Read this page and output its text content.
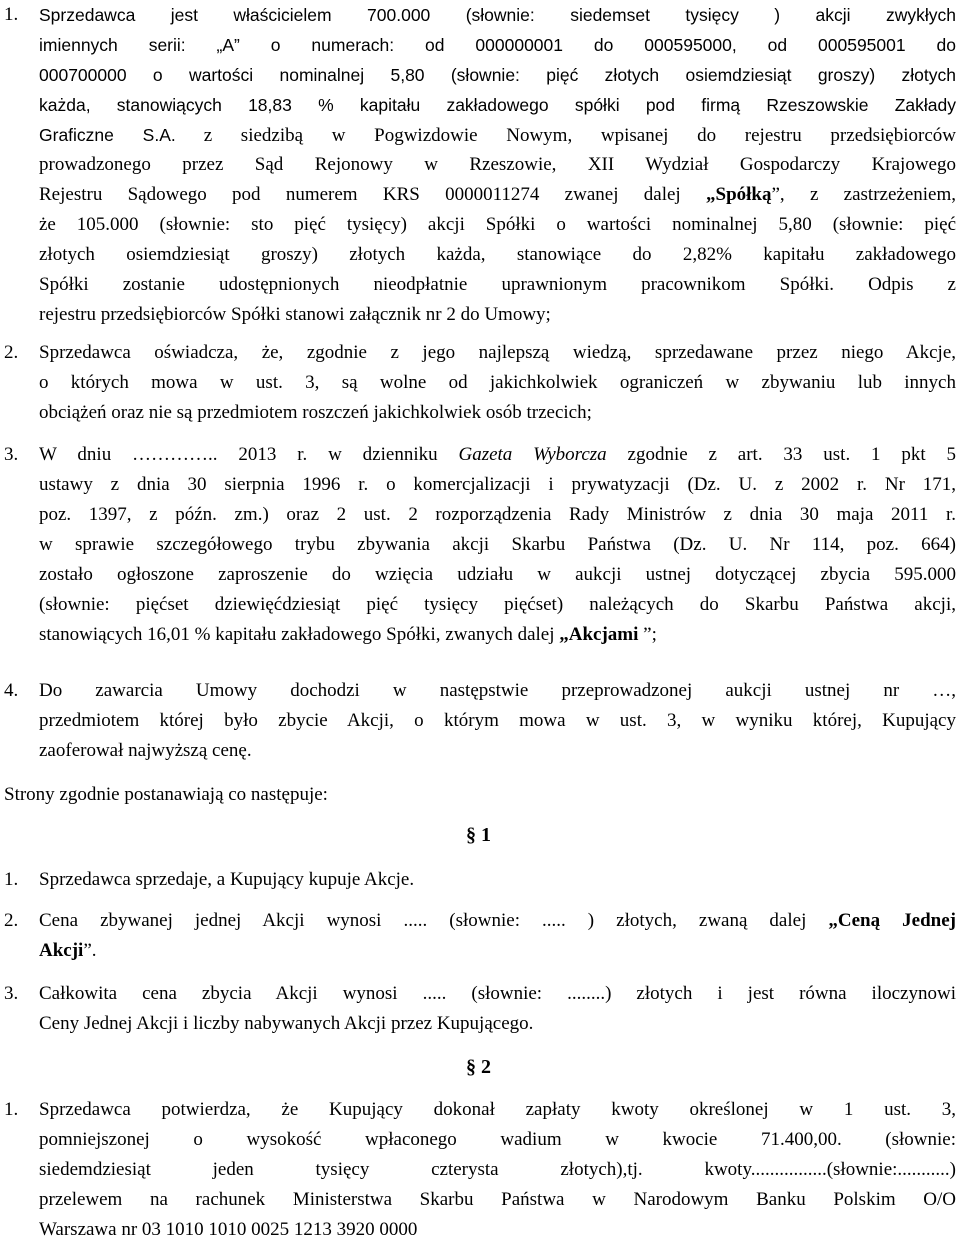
1. Sprzedawca jest właścicielem 700.000 (słownie: siedemset tysięcy ) akcji zwykłych
imiennych serii: „A” o numerach: od 000000001 do 000595000, od 000595001 do
000700000 o wartości nominalnej 5,80 (słownie: pięć złotych osiemdziesiąt groszy) złotych
każda, stanowiących 18,83 % kapitału zakładowego spółki pod firmą Rzeszowskie Zakłady
Graficzne S.A. z siedzibą w Pogwizdowie Nowym, wpisanej do rejestru przedsiębiorców
prowadzonego przez Sąd Rejonowy w Rzeszowie, XII Wydział Gospodarczy Krajowego
Rejestru Sądowego pod numerem KRS 0000011274 zwanej dalej „Spółką”, z zastrzeżeniem,
że 105.000 (słownie: sto pięć tysięcy) akcji Spółki o wartości nominalnej 5,80 (słownie: pięć
złotych osiemdziesiąt groszy) złotych każda, stanowiące do 2,82% kapitału zakładowego
Spółki zostanie udostępnionych nieodpłatnie uprawnionym pracownikom Spółki. Odpis z
rejestru przedsiębiorców Spółki stanowi załącznik nr 2 do Umowy;
2. Sprzedawca oświadcza, że, zgodnie z jego najlepszą wiedzą, sprzedawane przez niego Akcje,
o których mowa w ust. 3, są wolne od jakichkolwiek ograniczeń w zbywaniu lub innych
obciążeń oraz nie są przedmiotem roszczeń jakichkolwiek osób trzecich;
3. W dniu ………….. 2013 r. w dzienniku Gazeta Wyborcza zgodnie z art. 33 ust. 1 pkt 5
ustawy z dnia 30 sierpnia 1996 r. o komercjalizacji i prywatyzacji (Dz. U. z 2002 r. Nr 171,
poz. 1397, z późn. zm.) oraz 2 ust. 2 rozporządzenia Rady Ministrów z dnia 30 maja 2011 r.
w sprawie szczegółowego trybu zbywania akcji Skarbu Państwa (Dz. U. Nr 114, poz. 664)
zostało ogłoszone zaproszenie do wzięcia udziału w aukcji ustnej dotyczącej zbycia 595.000
(słownie: pięćset dziewięćdziesiąt pięć tysięcy pięćset) należących do Skarbu Państwa akcji,
stanowiących 16,01 % kapitału zakładowego Spółki, zwanych dalej „Akcjami ”;
4. Do zawarcia Umowy dochodzi w następstwie przeprowadzonej aukcji ustnej nr …,
przedmiotem której było zbycie Akcji, o którym mowa w ust. 3, w wyniku której, Kupujący
zaoferował najwyższą cenę.
Strony zgodnie postanawiają co następuje:
§ 1
1. Sprzedawca sprzedaje, a Kupujący kupuje Akcje.
2. Cena zbywanej jednej Akcji wynosi ..... (słownie: ..... ) złotych, zwaną dalej „Ceną Jednej
Akcji”.
3. Całkowita cena zbycia Akcji wynosi ..... (słownie: ........) złotych i jest równa iloczynowi
Ceny Jednej Akcji i liczby nabywanych Akcji przez Kupującego.
§ 2
1. Sprzedawca potwierdza, że Kupujący dokonał zapłaty kwoty określonej w 1 ust. 3,
pomniejszonej o wysokość wpłaconego wadium w kwocie 71.400,00. (słownie:
siedemdziesiąt jeden tysięcy czterysta złotych),tj. kwoty................(słownie:...........)
przelewem na rachunek Ministerstwa Skarbu Państwa w Narodowym Banku Polskim O/O
Warszawa nr 03 1010 1010 0025 1213 3920 0000
